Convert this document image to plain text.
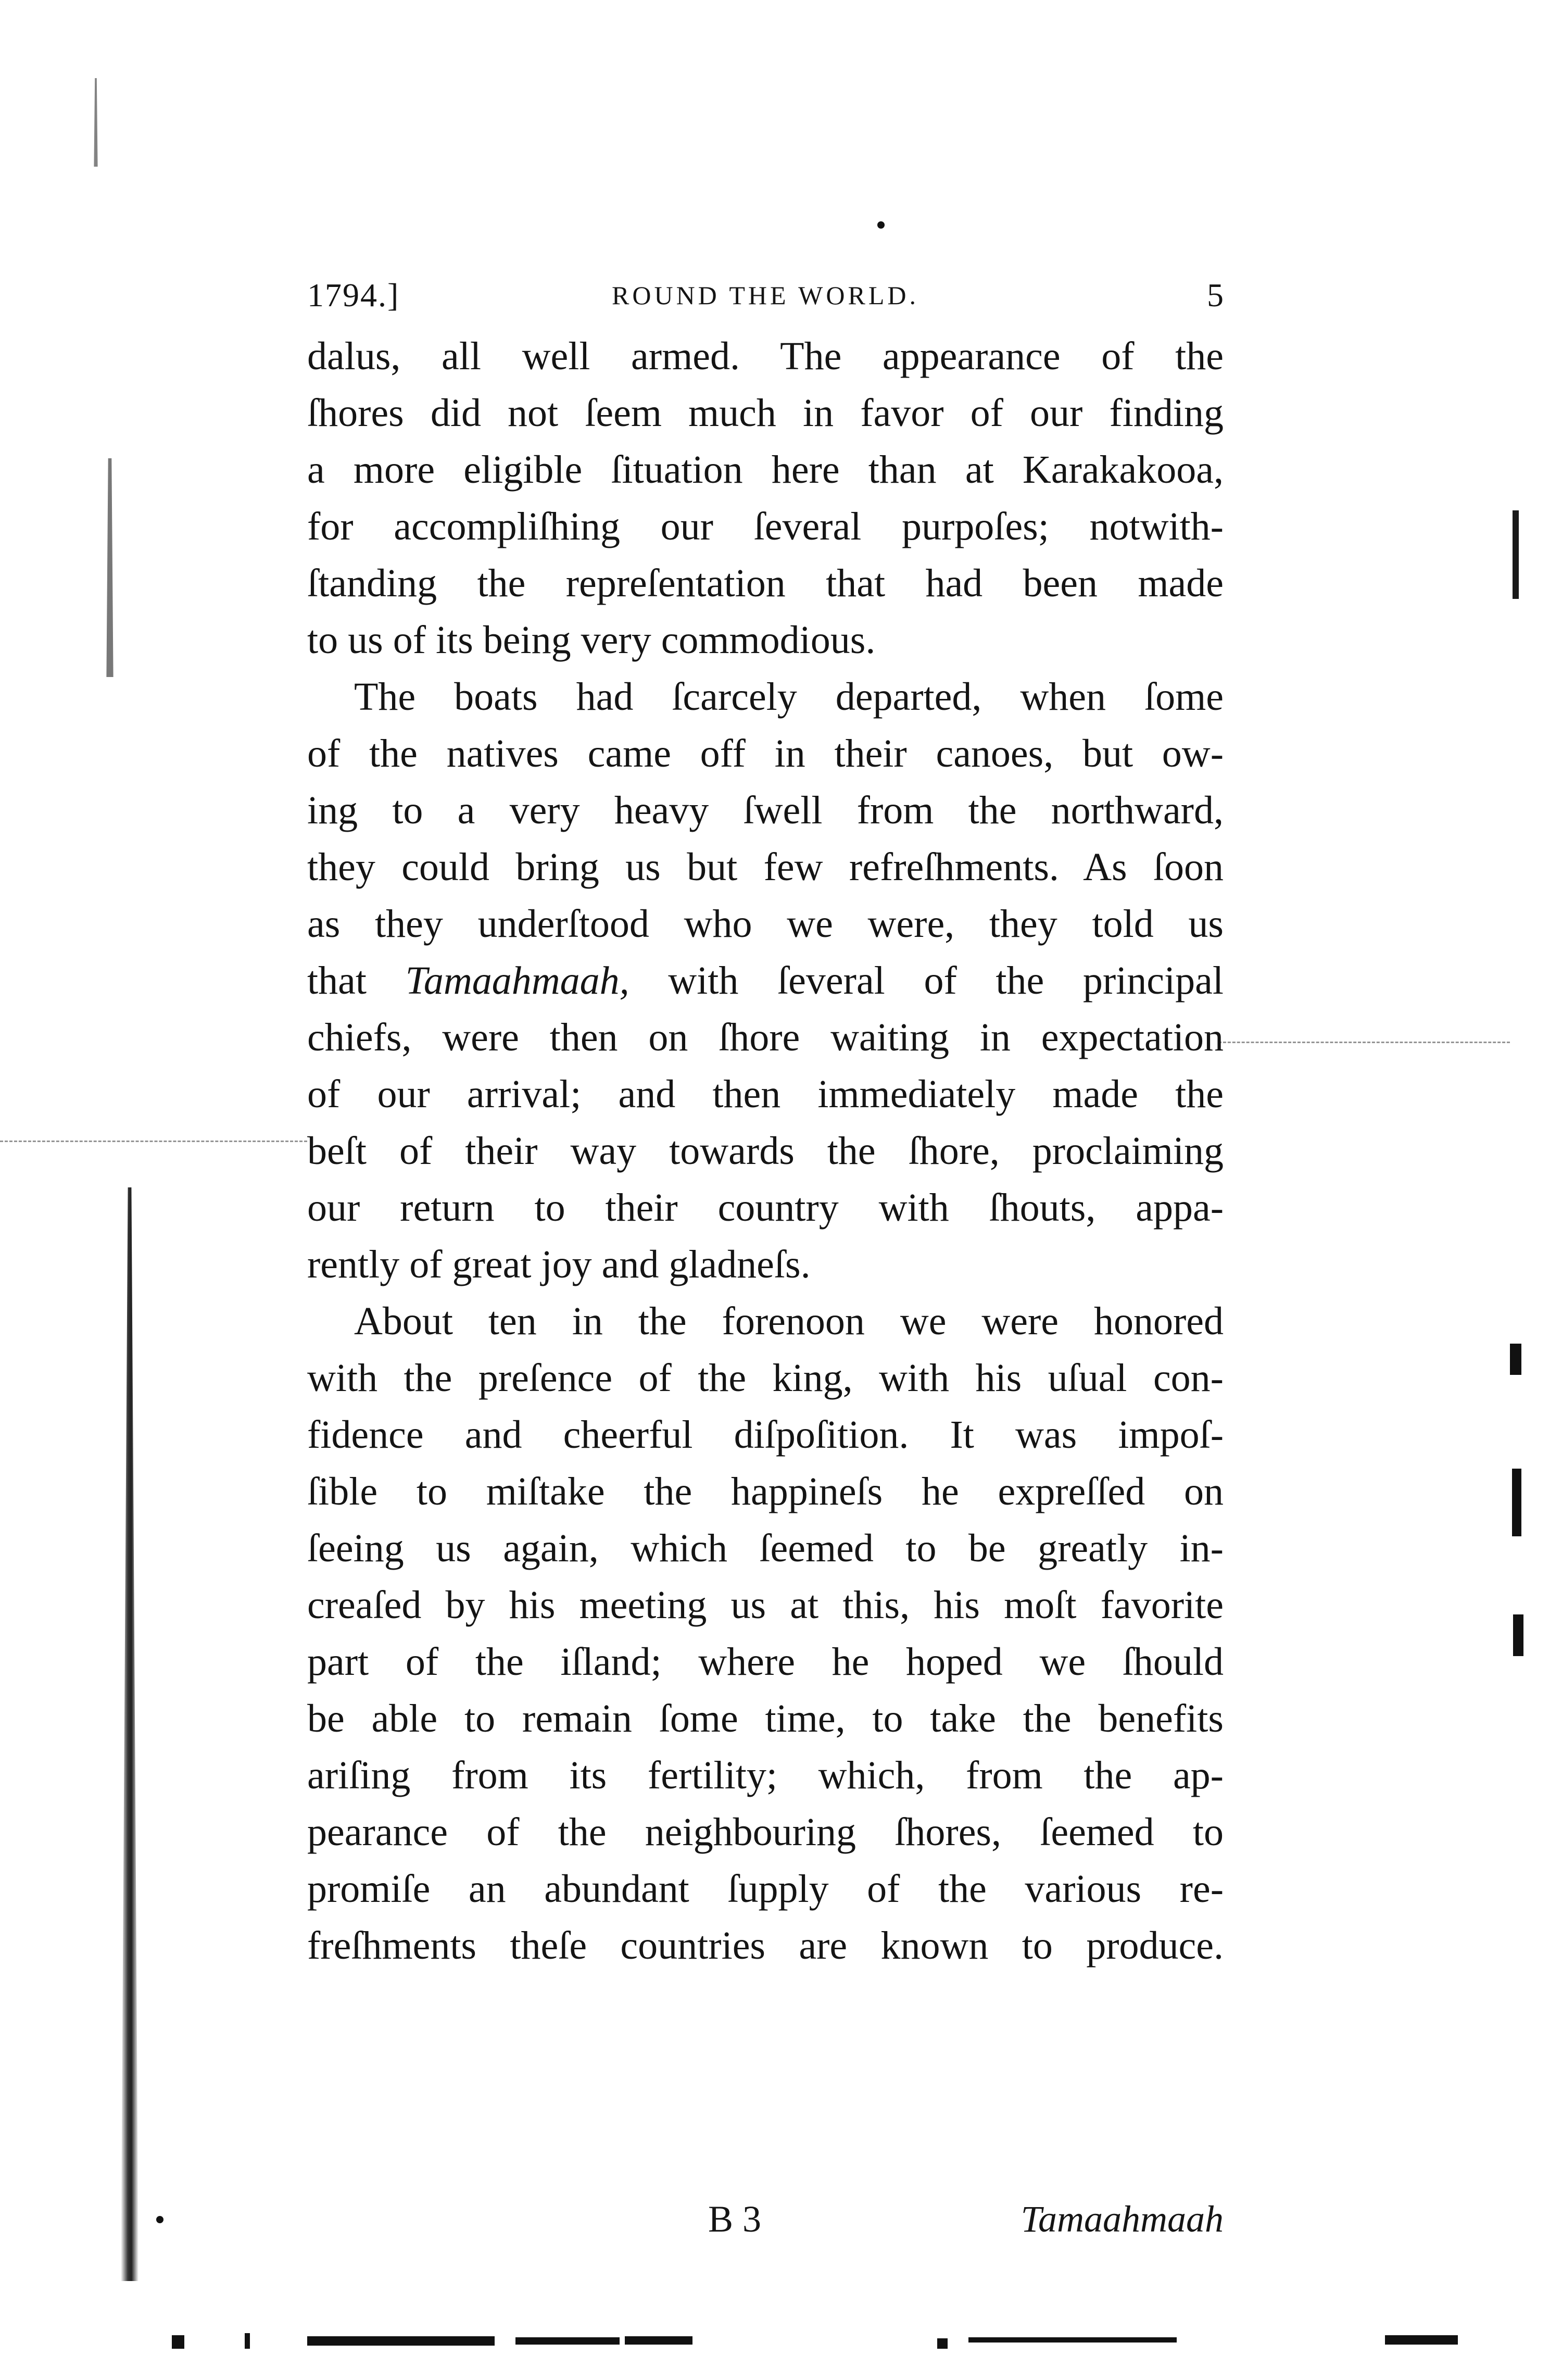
1794.]	ROUND THE WORLD.	5
dalus, all well armed. The appearance of the
ſhores did not ſeem much in favor of our finding
a more eligible ſituation here than at Karakakooa,
for accompliſhing our ſeveral purpoſes; notwith-
ſtanding the repreſentation that had been made
to us of its being very commodious.
The boats had ſcarcely departed, when ſome
of the natives came off in their canoes, but ow-
ing to a very heavy ſwell from the northward,
they could bring us but few refreſhments. As ſoon
as they underſtood who we were, they told us
that Tamaahmaah, with ſeveral of the principal
chiefs, were then on ſhore waiting in expectation
of our arrival; and then immediately made the
beſt of their way towards the ſhore, proclaiming
our return to their country with ſhouts, appa-
rently of great joy and gladneſs.
About ten in the forenoon we were honored
with the preſence of the king, with his uſual con-
fidence and cheerful diſpoſition. It was impoſ-
ſible to miſtake the happineſs he expreſſed on
ſeeing us again, which ſeemed to be greatly in-
creaſed by his meeting us at this, his moſt favorite
part of the iſland; where he hoped we ſhould
be able to remain ſome time, to take the benefits
ariſing from its fertility; which, from the ap-
pearance of the neighbouring ſhores, ſeemed to
promiſe an abundant ſupply of the various re-
freſhments theſe countries are known to produce.
B 3	Tamaahmaah
